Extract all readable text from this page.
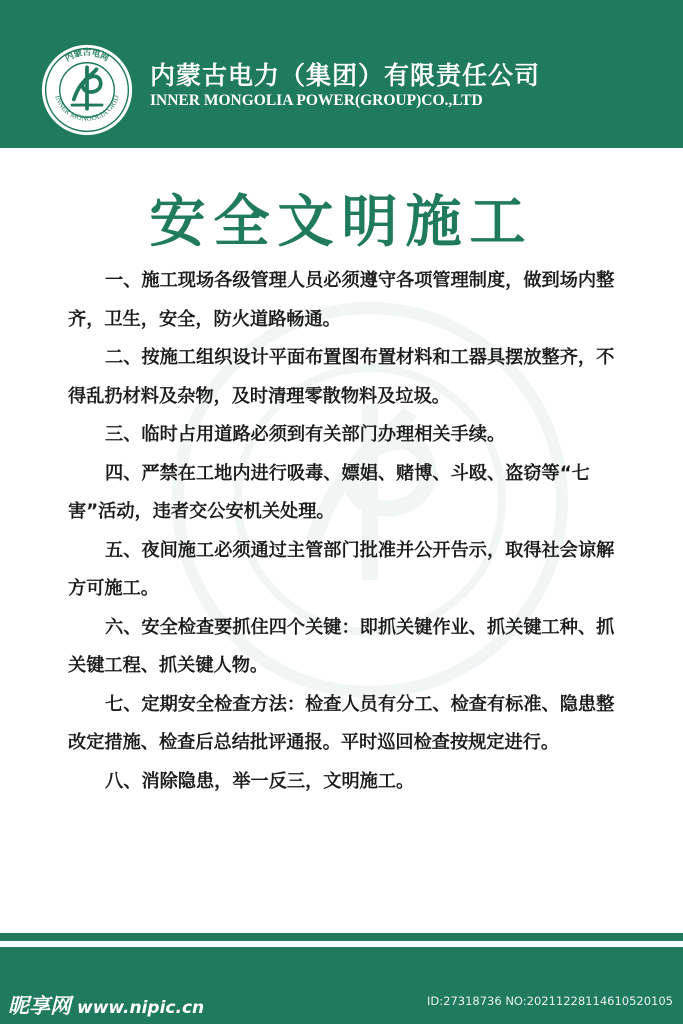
内蒙古电网
INNER MONGOLIA GRID
内蒙古电力（集团）有限责任公司
INNER MONGOLIA POWER(GROUP)CO.,LTD
安全文明施工

一、施工现场各级管理人员必须遵守各项管理制度，做到场内整齐，卫生，安全，防火道路畅通。

二、按施工组织设计平面布置图布置材料和工器具摆放整齐，不得乱扔材料及杂物，及时清理零散物料及垃圾。

三、临时占用道路必须到有关部门办理相关手续。

四、严禁在工地内进行吸毒、嫖娼、赌博、斗殴、盗窃等“七害”活动，违者交公安机关处理。

五、夜间施工必须通过主管部门批准并公开告示，取得社会谅解方可施工。

六、安全检查要抓住四个关键：即抓关键作业、抓关键工种、抓关键工程、抓关键人物。

七、定期安全检查方法：检查人员有分工、检查有标准、隐患整改定措施、检查后总结批评通报。平时巡回检查按规定进行。

八、消除隐患，举一反三，文明施工。

昵享网 www.nipic.cn	ID:27318736 NO:20211228114610520105
